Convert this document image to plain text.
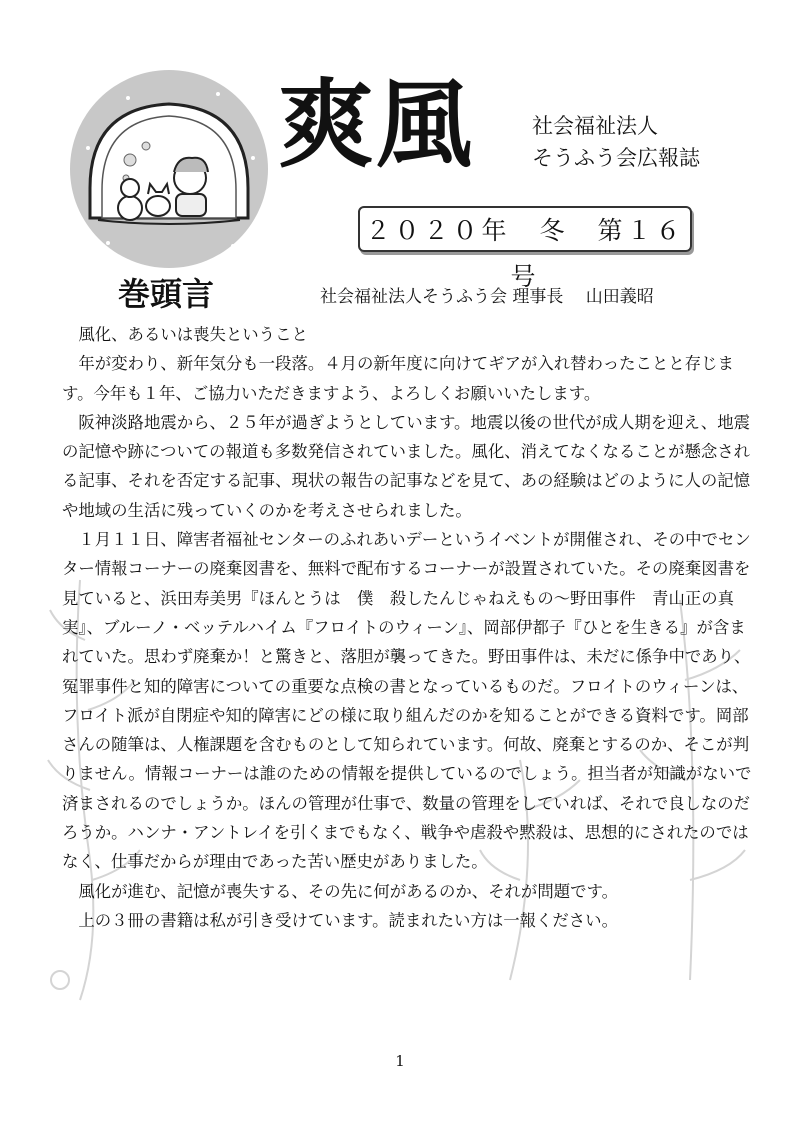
爽風	社会福祉法人
そうふう会広報誌
２０２０年　冬　第１６号
巻頭言	社会福祉法人そうふう会 理事長　 山田義昭

風化、あるいは喪失ということ

年が変わり、新年気分も一段落。４月の新年度に向けてギアが入れ替わったことと存じます。今年も１年、ご協力いただきますよう、よろしくお願いいたします。

阪神淡路地震から、２５年が過ぎようとしています。地震以後の世代が成人期を迎え、地震の記憶や跡についての報道も多数発信されていました。風化、消えてなくなることが懸念される記事、それを否定する記事、現状の報告の記事などを見て、あの経験はどのように人の記憶や地域の生活に残っていくのかを考えさせられました。

１月１１日、障害者福祉センターのふれあいデーというイベントが開催され、その中でセンター情報コーナーの廃棄図書を、無料で配布するコーナーが設置されていた。その廃棄図書を見ていると、浜田寿美男『ほんとうは　僕　殺したんじゃねえもの～野田事件　青山正の真実』、ブルーノ・ベッテルハイム『フロイトのウィーン』、岡部伊都子『ひとを生きる』が含まれていた。思わず廃棄か！と驚きと、落胆が襲ってきた。野田事件は、未だに係争中であり、冤罪事件と知的障害についての重要な点検の書となっているものだ。フロイトのウィーンは、フロイト派が自閉症や知的障害にどの様に取り組んだのかを知ることができる資料です。岡部さんの随筆は、人権課題を含むものとして知られています。何故、廃棄とするのか、そこが判りません。情報コーナーは誰のための情報を提供しているのでしょう。担当者が知識がないで済まされるのでしょうか。ほんの管理が仕事で、数量の管理をしていれば、それで良しなのだろうか。ハンナ・アントレイを引くまでもなく、戦争や虐殺や黙殺は、思想的にされたのではなく、仕事だからが理由であった苦い歴史がありました。

風化が進む、記憶が喪失する、その先に何があるのか、それが問題です。

上の３冊の書籍は私が引き受けています。読まれたい方は一報ください。

1
